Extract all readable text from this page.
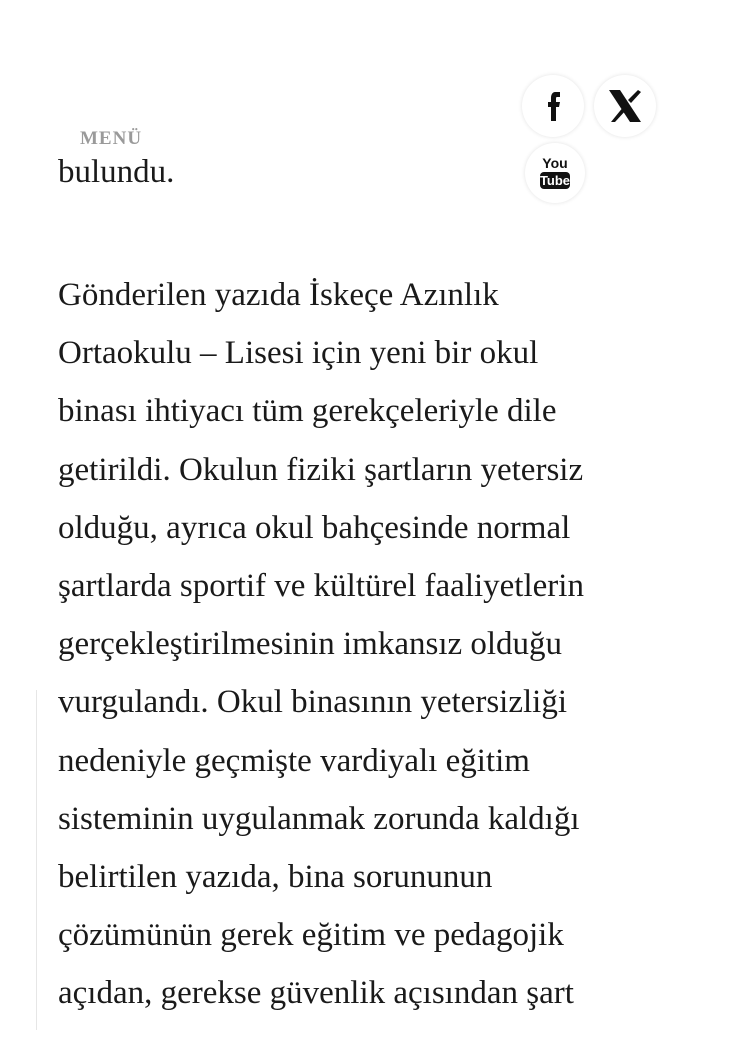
bulundu.
MENÜ
You
Tube
Gönderilen yazıda İskeçe Azınlık
Ortaokulu – Lisesi için yeni bir okul
binası ihtiyacı tüm gerekçeleriyle dile
getirildi. Okulun fiziki şartların yetersiz
olduğu, ayrıca okul bahçesinde normal
şartlarda sportif ve kültürel faaliyetlerin
gerçekleştirilmesinin imkansız olduğu
vurgulandı. Okul binasının yetersizliği
nedeniyle geçmişte vardiyalı eğitim
sisteminin uygulanmak zorunda kaldığı
belirtilen yazıda, bina sorununun
çözümünün gerek eğitim ve pedagojik
açıdan, gerekse güvenlik açısından şart
